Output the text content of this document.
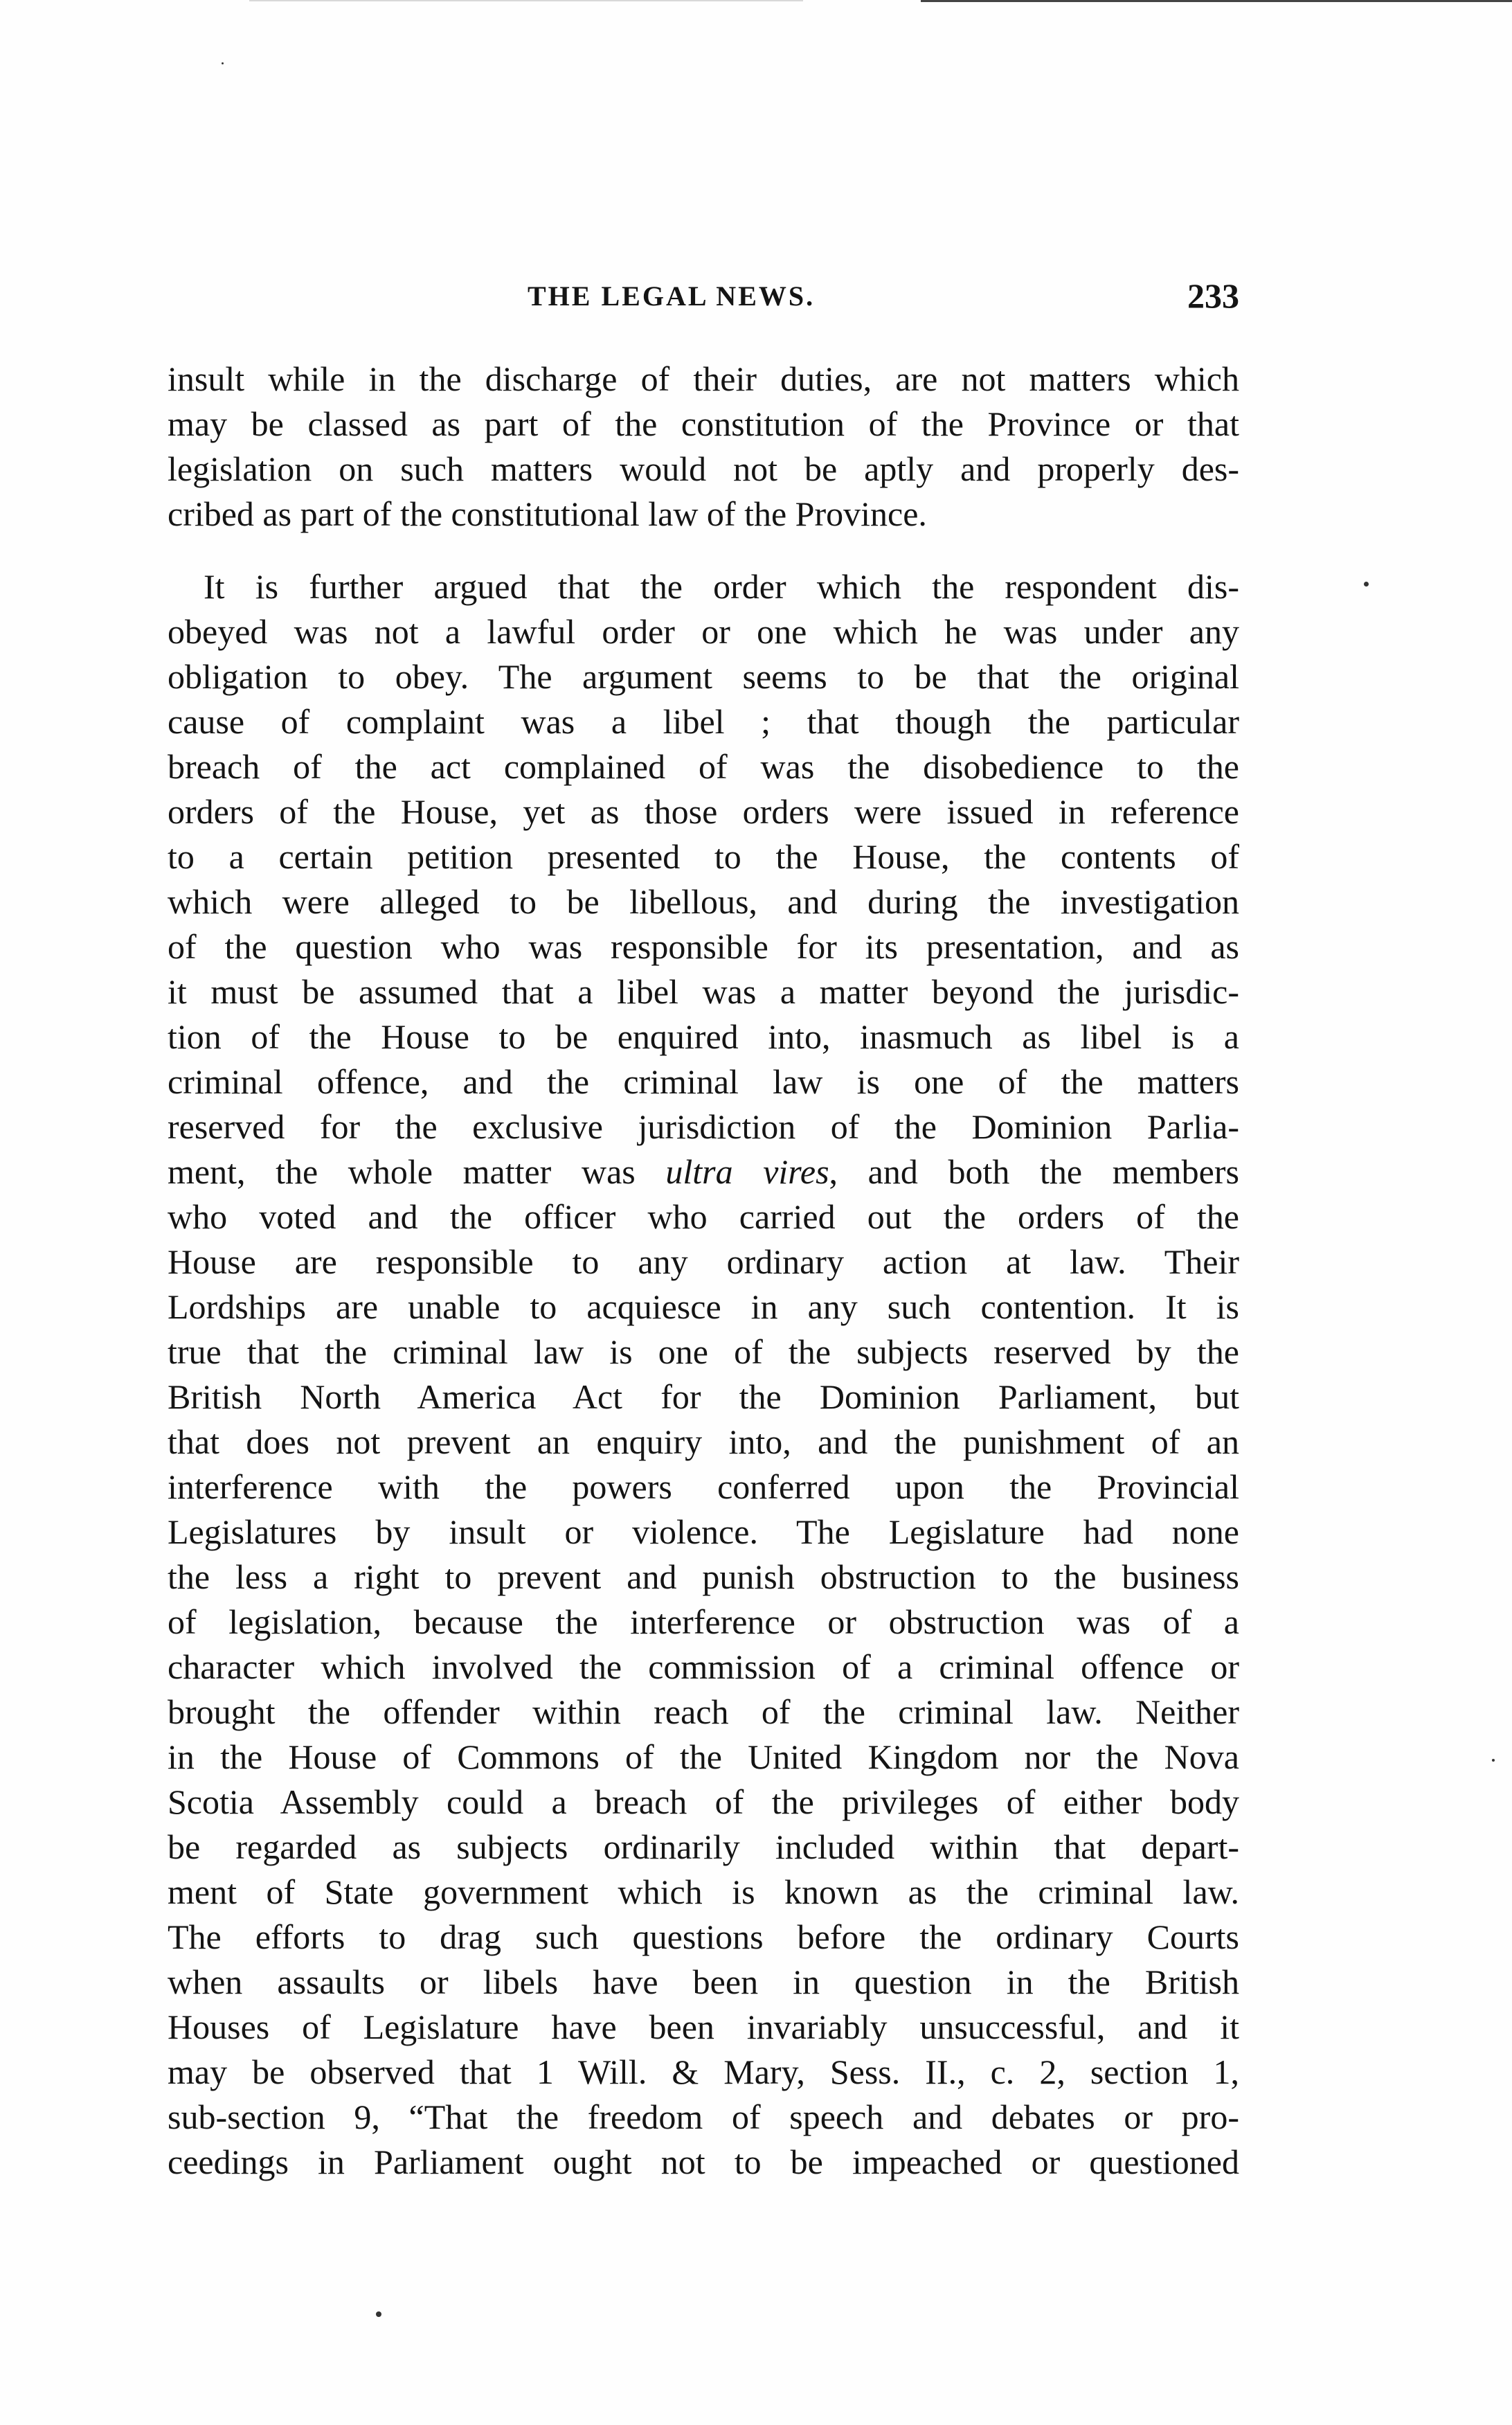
THE LEGAL NEWS.	233
insult while in the discharge of their duties, are not matters which
may be classed as part of the constitution of the Province or that
legislation on such matters would not be aptly and properly des-
cribed as part of the constitutional law of the Province.
It is further argued that the order which the respondent dis-
obeyed was not a lawful order or one which he was under any
obligation to obey. The argument seems to be that the original
cause of complaint was a libel ; that though the particular
breach of the act complained of was the disobedience to the
orders of the House, yet as those orders were issued in reference
to a certain petition presented to the House, the contents of
which were alleged to be libellous, and during the investigation
of the question who was responsible for its presentation, and as
it must be assumed that a libel was a matter beyond the jurisdic-
tion of the House to be enquired into, inasmuch as libel is a
criminal offence, and the criminal law is one of the matters
reserved for the exclusive jurisdiction of the Dominion Parlia-
ment, the whole matter was ultra vires, and both the members
who voted and the officer who carried out the orders of the
House are responsible to any ordinary action at law. Their
Lordships are unable to acquiesce in any such contention. It is
true that the criminal law is one of the subjects reserved by the
British North America Act for the Dominion Parliament, but
that does not prevent an enquiry into, and the punishment of an
interference with the powers conferred upon the Provincial
Legislatures by insult or violence. The Legislature had none
the less a right to prevent and punish obstruction to the business
of legislation, because the interference or obstruction was of a
character which involved the commission of a criminal offence or
brought the offender within reach of the criminal law. Neither
in the House of Commons of the United Kingdom nor the Nova
Scotia Assembly could a breach of the privileges of either body
be regarded as subjects ordinarily included within that depart-
ment of State government which is known as the criminal law.
The efforts to drag such questions before the ordinary Courts
when assaults or libels have been in question in the British
Houses of Legislature have been invariably unsuccessful, and it
may be observed that 1 Will. & Mary, Sess. II., c. 2, section 1,
sub-section 9, “That the freedom of speech and debates or pro-
ceedings in Parliament ought not to be impeached or questioned
